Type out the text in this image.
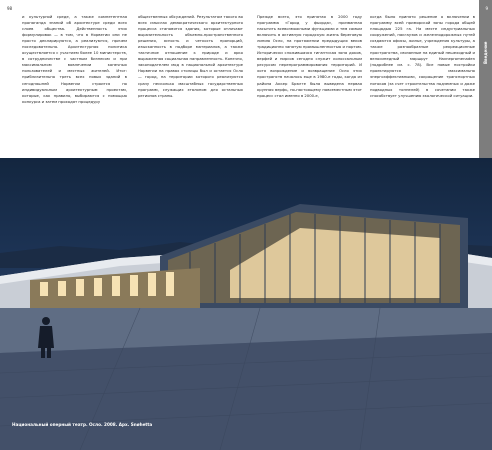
98
и культурной среде, а также компетентная пропаганда знаний об архитектуре среди всех слоев общества. Действенность этих формулировок — в том, что в Норвегии они не просто декларируются, а реализуются, причем последовательно. Архитектурная политика осуществляется с участием более 10 министерств, в сотрудничестве с частным бизнесом и при максимальном вовлечении конечных пользователей и местных жителей. Итог: приблизительно треть всех новых зданий в сегодняшней Норвегии строится по индивидуальным архитектурным проектам, которые, как правило, выбираются с помощью конкурса и затем проходят процедуру
общественных обсуждений. Результатом такого во всех смыслах демократического архитектурного процесса становятся здания, которые отличают выразительность объемно-пространственного решения, ясность и четкость пропорций, изысканность в подборе материалов, а также тактичное отношение к природе и ярко выраженная социальная направленность. Конечно, законодателем мод в национальной архитектуре Норвегии на правах столицы был и остается Осло — город, на территории которого реализуются сразу несколько масштабных государственных программ, служащих эталоном для остальных регионов страны.
Прежде всего, это принятая в 2000 году программа «Город у фьорда», призванная насытить всевозможными функциями и тем самым включить в активную городскую жизнь береговую линию Осло, на протяжении предыдущих веков традиционно занятую промышленностью и портом. Исторически сложившаяся гигантская зона доков, верфей и пирсов сегодня служит колоссальным ресурсом перепрограммирования территорий. И хотя возрождение и возвращение Осло этих пространств началось еще в 1980-е годы, когда из района Аккер Брюгге была выведена первая крупная верфь, по-настоящему повсеместным этот процесс стал именно в 2000-е,
когда было принято решение о включении в программу всей приморской зоны города общей площадью 225 га. На месте индустриальных сооружений, пакгаузов и железнодорожных путей создаются офисы, жилье, учреждения культуры, а также разнообразные рекреационные пространства, связанные на единый пешеходный и велосипедный маршрут Havnepromenaden (подробнее см. с. 78). Все новые постройки проектируются максимально энергоэффективными, сокращение транспортных потоков (за счет строительства подземных и даже подводных тоннелей) в сочетании также способствует улучшению экологической ситуации.
9
Введение
Национальный оперный театр. Осло. 2008. Арх. Snøhetta
